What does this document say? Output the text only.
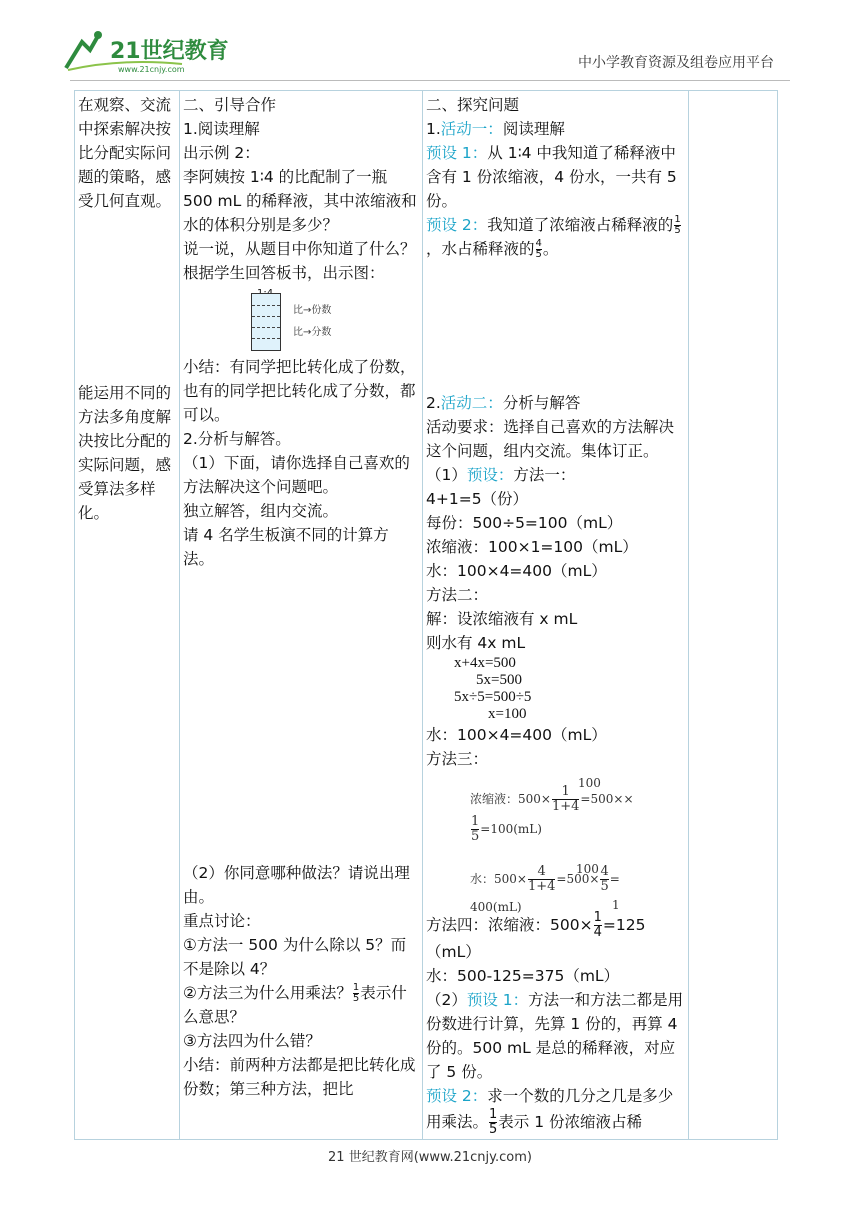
21世纪教育
www.21cnjy.com	中小学教育资源及组卷应用平台
在观察、交流中探索解决按比分配实际问题的策略，感受几何直观。
能运用不同的方法多角度解决按比分配的实际问题，感受算法多样化。

二、引导合作
1.阅读理解
出示例 2：
李阿姨按 1∶4 的比配制了一瓶 500 mL 的稀释液，其中浓缩液和水的体积分别是多少？
说一说，从题目中你知道了什么？
根据学生回答板书，出示图：
比→份数
比→分数
小结：有同学把比转化成了份数，也有的同学把比转化成了分数，都可以。
2.分析与解答。
（1）下面，请你选择自己喜欢的方法解决这个问题吧。
独立解答，组内交流。
请 4 名学生板演不同的计算方法。
（2）你同意哪种做法？请说出理由。
重点讨论：
①方法一 500 为什么除以 5？而不是除以 4？
②方法三为什么用乘法？ $\frac{1}{5}$ 表示什么意思？
③方法四为什么错？
小结：前两种方法都是把比转化成份数；第三种方法，把比

二、探究问题
1.活动一：阅读理解
预设 1：从 1∶4 中我知道了稀释液中含有 1 份浓缩液，4 份水，一共有 5 份。
预设 2：我知道了浓缩液占稀释液的 $\frac{1}{5}$
，水占稀释液的 $\frac{4}{5}$ 。
2.活动二：分析与解答
活动要求：选择自己喜欢的方法解决这个问题，组内交流。集体订正。
（1）预设：方法一：
4+1=5（份）
每份：500÷5=100（mL）
浓缩液：100×1=100（mL）
水：100×4=400（mL）
方法二：
解：设浓缩液有 x mL
则水有 4x mL
x+4x=500
5x=500
5x÷5=500÷5
x=100
水：100×4=400（mL）
方法三：
100
浓缩液：$500\times \frac{1}{1+4} =500\times\times$
$\frac{1}{5} =100(mL)$
100
水：$500\times \frac{4}{1+4} =500\times \frac{4}{5}$ =
1
400(mL)
方法四：浓缩液：$500\times \frac{1}{4} =125(mL)$
水：500-125=375（mL）
（2）预设 1：方法一和方法二都是用份数进行计算，先算 1 份的，再算 4 份的。500 mL 是总的稀释液，对应了 5 份。
预设 2：求一个数的几分之几是多少用乘法。 $\frac{1}{5}$ 表示 1 份浓缩液占稀

21 世纪教育网(www.21cnjy.com)
